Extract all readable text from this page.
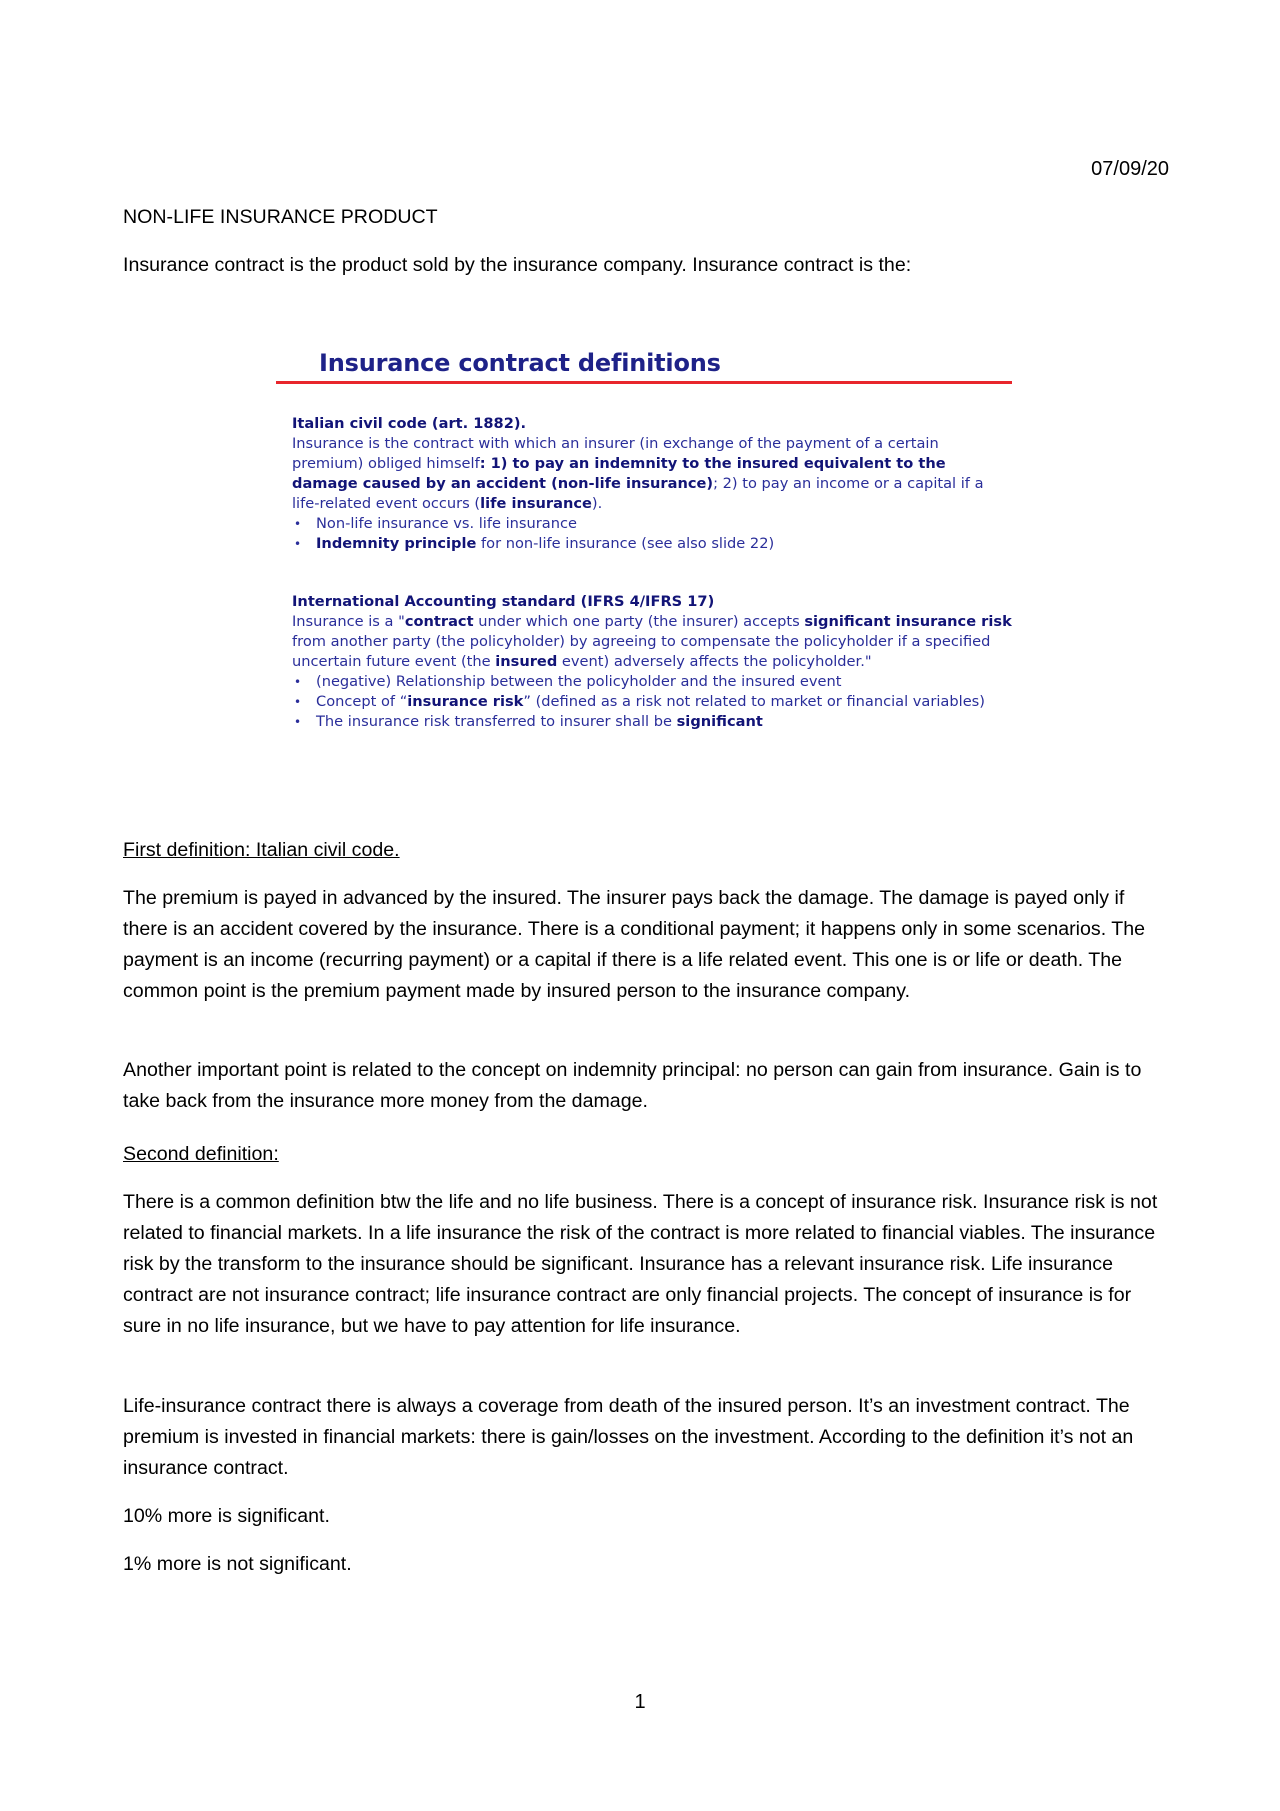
07/09/20
NON-LIFE INSURANCE PRODUCT
Insurance contract is the product sold by the insurance company. Insurance contract is the:
Insurance contract definitions
Italian civil code (art. 1882).
Insurance is the contract with which an insurer (in exchange of the payment of a certain premium) obliged himself: 1) to pay an indemnity to the insured equivalent to the damage caused by an accident (non-life insurance); 2) to pay an income or a capital if a life-related event occurs (life insurance).
• Non-life insurance vs. life insurance
• Indemnity principle for non-life insurance (see also slide 22)
International Accounting standard (IFRS 4/IFRS 17)
Insurance is a "contract under which one party (the insurer) accepts significant insurance risk from another party (the policyholder) by agreeing to compensate the policyholder if a specified uncertain future event (the insured event) adversely affects the policyholder."
• (negative) Relationship between the policyholder and the insured event
• Concept of “insurance risk” (defined as a risk not related to market or financial variables)
• The insurance risk transferred to insurer shall be significant
First definition: Italian civil code.
The premium is payed in advanced by the insured. The insurer pays back the damage. The damage is payed only if there is an accident covered by the insurance. There is a conditional payment; it happens only in some scenarios. The payment is an income (recurring payment) or a capital if there is a life related event. This one is or life or death. The common point is the premium payment made by insured person to the insurance company.
Another important point is related to the concept on indemnity principal: no person can gain from insurance. Gain is to take back from the insurance more money from the damage.
Second definition:
There is a common definition btw the life and no life business. There is a concept of insurance risk. Insurance risk is not related to financial markets. In a life insurance the risk of the contract is more related to financial viables. The insurance risk by the transform to the insurance should be significant. Insurance has a relevant insurance risk. Life insurance contract are not insurance contract; life insurance contract are only financial projects. The concept of insurance is for sure in no life insurance, but we have to pay attention for life insurance.
Life-insurance contract there is always a coverage from death of the insured person. It’s an investment contract. The premium is invested in financial markets: there is gain/losses on the investment. According to the definition it’s not an insurance contract.
10% more is significant.
1% more is not significant.
1
